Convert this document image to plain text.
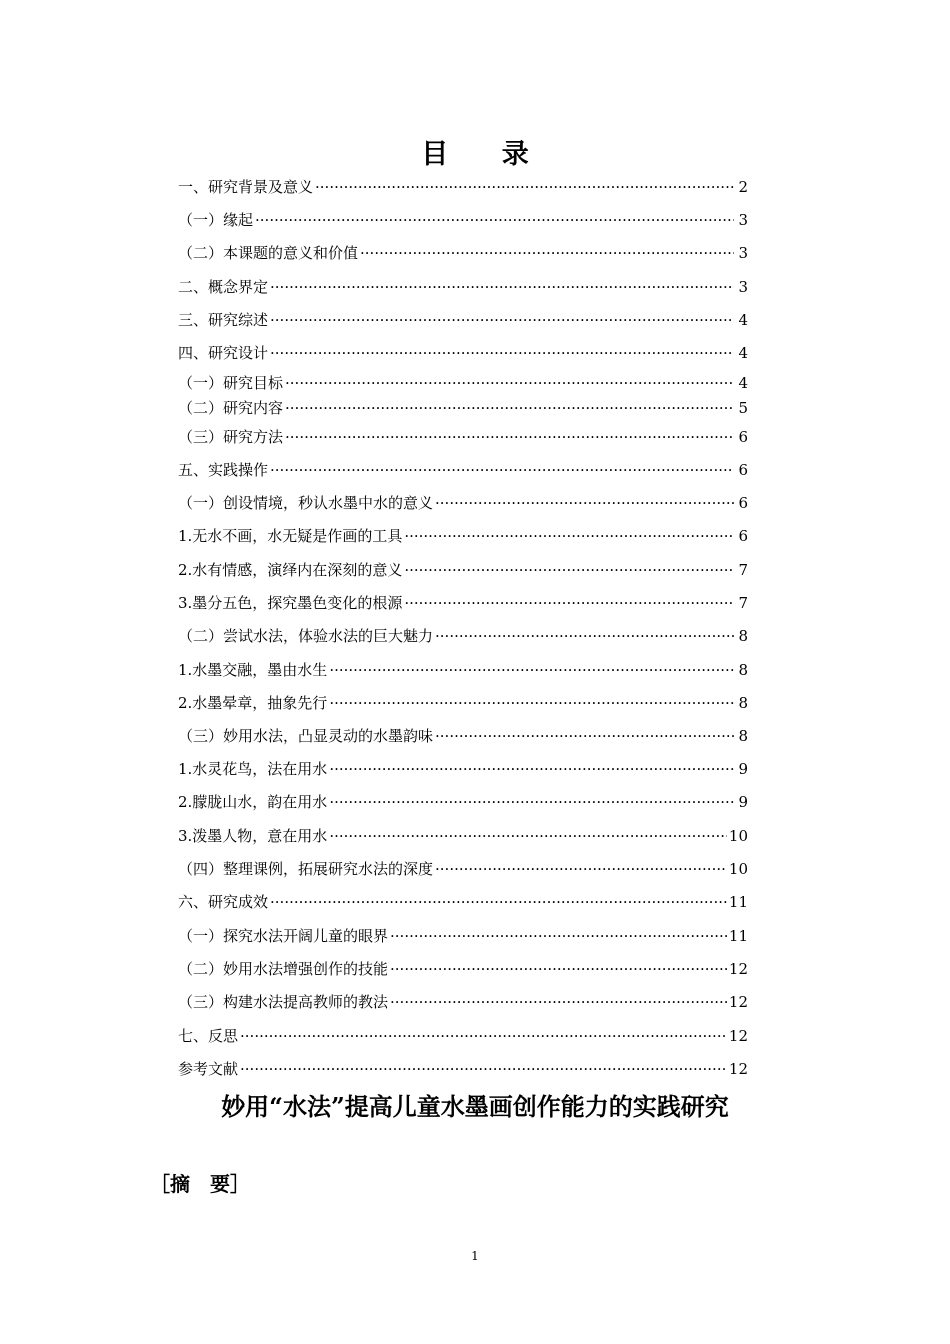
目 录
一、研究背景及意义 ·····	2
（一）缘起 ·····	3
（二）本课题的意义和价值 ·····	3
二、概念界定 ·····	3
三、研究综述 ·····	4
四、研究设计 ·····	4
（一）研究目标 ·····	4
（二）研究内容 ·····	5
（三）研究方法 ·····	6
五、实践操作 ·····	6
（一）创设情境，秒认水墨中水的意义 ·····	6
1.无水不画，水无疑是作画的工具 ·····	6
2.水有情感，演绎内在深刻的意义 ·····	7
3.墨分五色，探究墨色变化的根源 ·····	7
（二）尝试水法，体验水法的巨大魅力 ·····	8
1.水墨交融，墨由水生 ·····	8
2.水墨晕章，抽象先行 ·····	8
（三）妙用水法，凸显灵动的水墨韵味 ·····	8
1.水灵花鸟，法在用水 ·····	9
2.朦胧山水，韵在用水 ·····	9
3.泼墨人物，意在用水 ·····	10
（四）整理课例，拓展研究水法的深度 ·····	10
六、研究成效 ·····	11
（一）探究水法开阔儿童的眼界 ·····	11
（二）妙用水法增强创作的技能 ·····	12
（三）构建水法提高教师的教法 ·····	12
七、反思 ·····	12
参考文献 ·····	12
妙用“水法”提高儿童水墨画创作能力的实践研究
［摘　要］
1
